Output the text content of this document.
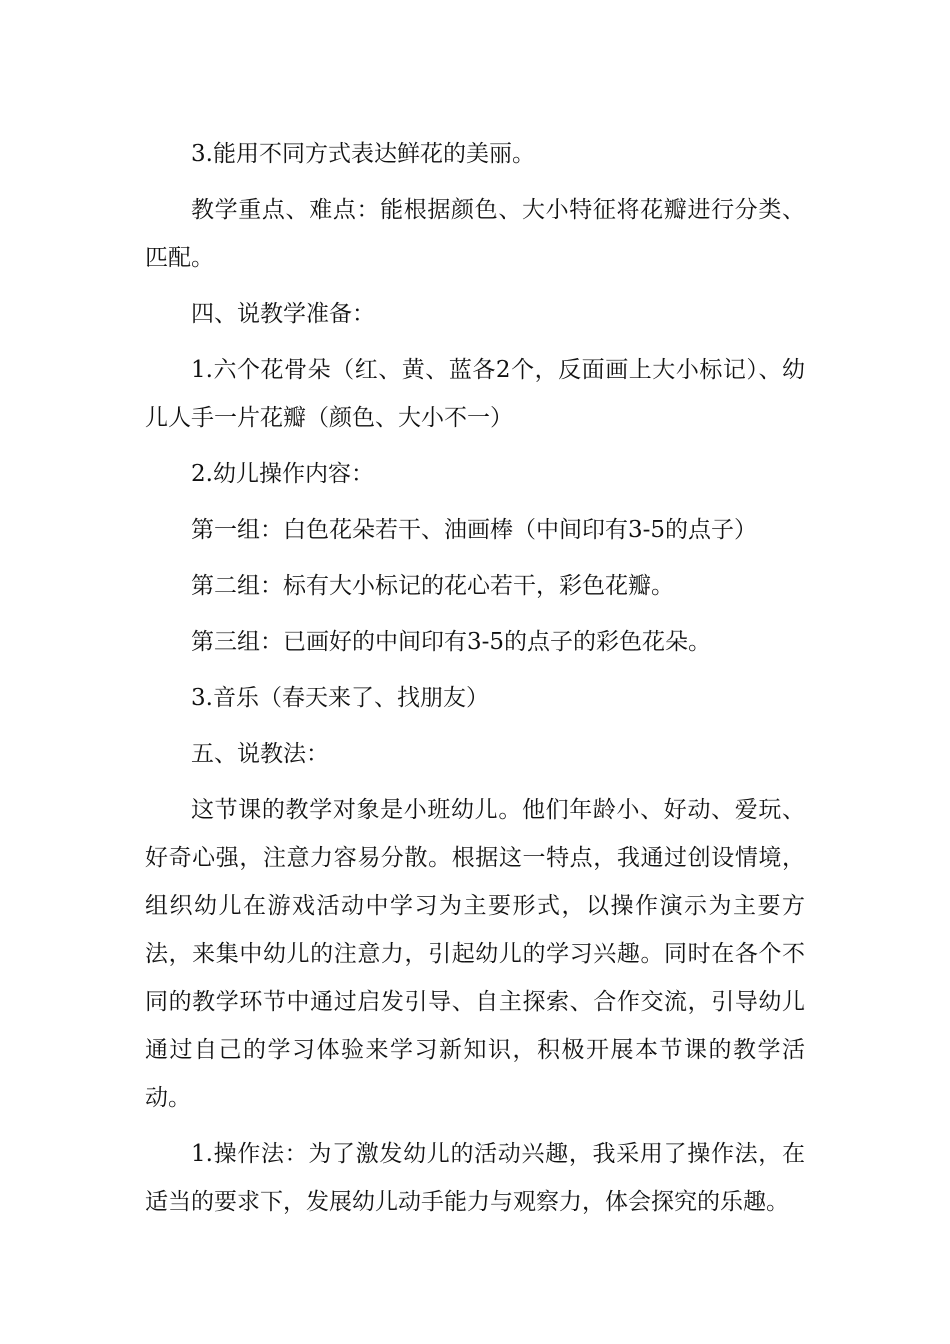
3.能用不同方式表达鲜花的美丽。

教学重点、难点：能根据颜色、大小特征将花瓣进行分类、匹配。

四、说教学准备：

1.六个花骨朵（红、黄、蓝各2个，反面画上大小标记）、幼儿人手一片花瓣（颜色、大小不一）

2.幼儿操作内容：

第一组：白色花朵若干、油画棒（中间印有3-5的点子）

第二组：标有大小标记的花心若干，彩色花瓣。

第三组：已画好的中间印有3-5的点子的彩色花朵。

3.音乐（春天来了、找朋友）

五、说教法：

这节课的教学对象是小班幼儿。他们年龄小、好动、爱玩、好奇心强，注意力容易分散。根据这一特点，我通过创设情境，组织幼儿在游戏活动中学习为主要形式，以操作演示为主要方法，来集中幼儿的注意力，引起幼儿的学习兴趣。同时在各个不同的教学环节中通过启发引导、自主探索、合作交流，引导幼儿通过自己的学习体验来学习新知识，积极开展本节课的教学活动。

1.操作法：为了激发幼儿的活动兴趣，我采用了操作法，在适当的要求下，发展幼儿动手能力与观察力，体会探究的乐趣。
